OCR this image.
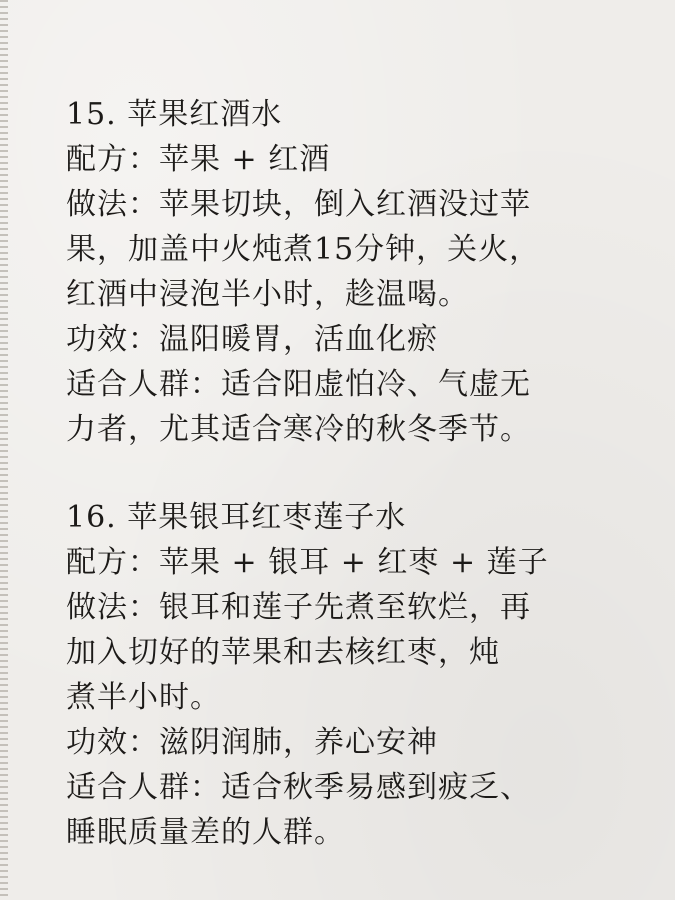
15. 苹果红酒水
配方：苹果 + 红酒
做法：苹果切块，倒入红酒没过苹
果，加盖中火炖煮15分钟，关火，
红酒中浸泡半小时，趁温喝。
功效：温阳暖胃，活血化瘀
适合人群：适合阳虚怕冷、气虚无
力者，尤其适合寒冷的秋冬季节。
16. 苹果银耳红枣莲子水
配方：苹果 + 银耳 + 红枣 + 莲子
做法：银耳和莲子先煮至软烂，再
加入切好的苹果和去核红枣，炖
煮半小时。
功效：滋阴润肺，养心安神
适合人群：适合秋季易感到疲乏、
睡眠质量差的人群。
